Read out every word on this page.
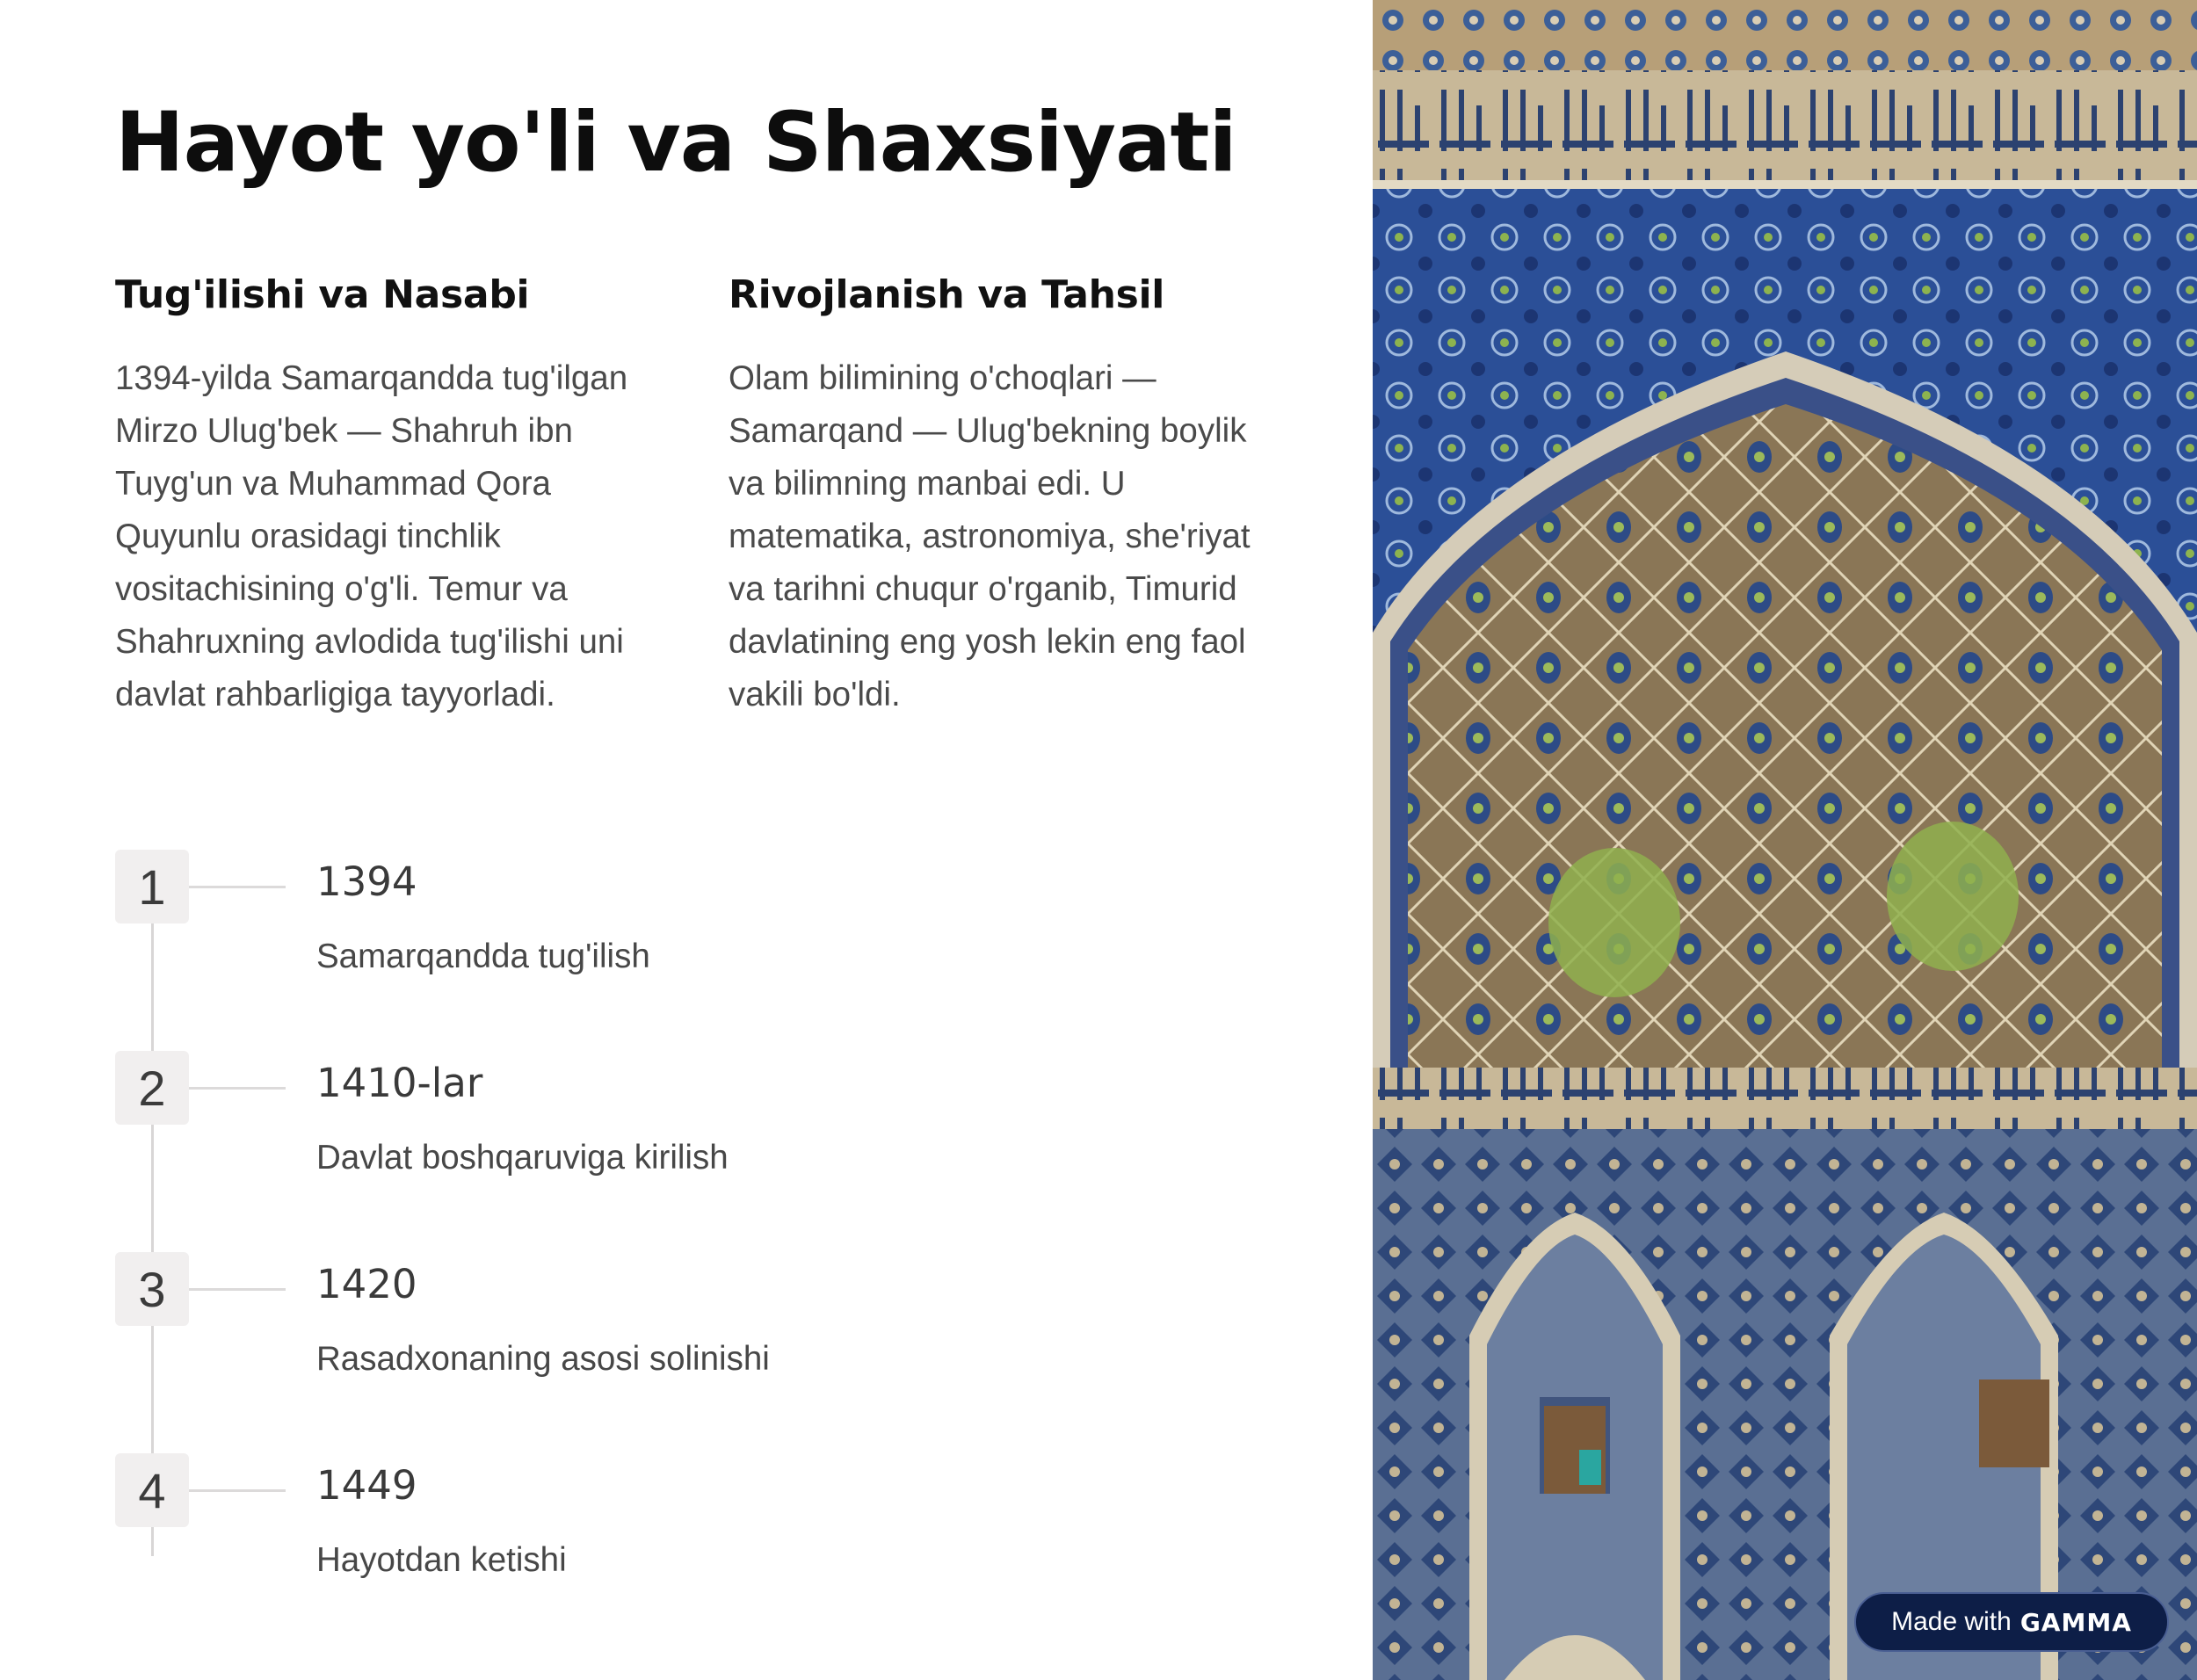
Hayot yo'li va Shaxsiyati
Tug'ilishi va Nasabi

1394-yilda Samarqandda tug'ilgan Mirzo Ulug'bek — Shahruh ibn Tuyg'un va Muhammad Qora Quyunlu orasidagi tinchlik vositachisining o'g'li. Temur va Shahruxning avlodida tug'ilishi uni davlat rahbarligiga tayyorladi.

Rivojlanish va Tahsil

Olam bilimining o'choqlari — Samarqand — Ulug'bekning boylik va bilimning manbai edi. U matematika, astronomiya, she'riyat va tarihni chuqur o'rganib, Timurid davlatining eng yosh lekin eng faol vakili bo'ldi.

1	1394
Samarqandda tug'ilish
2	1410-lar
Davlat boshqaruviga kirilish
3	1420
Rasadxonaning asosi solinishi
4	1449
Hayotdan ketishi
Made with GAMMA
